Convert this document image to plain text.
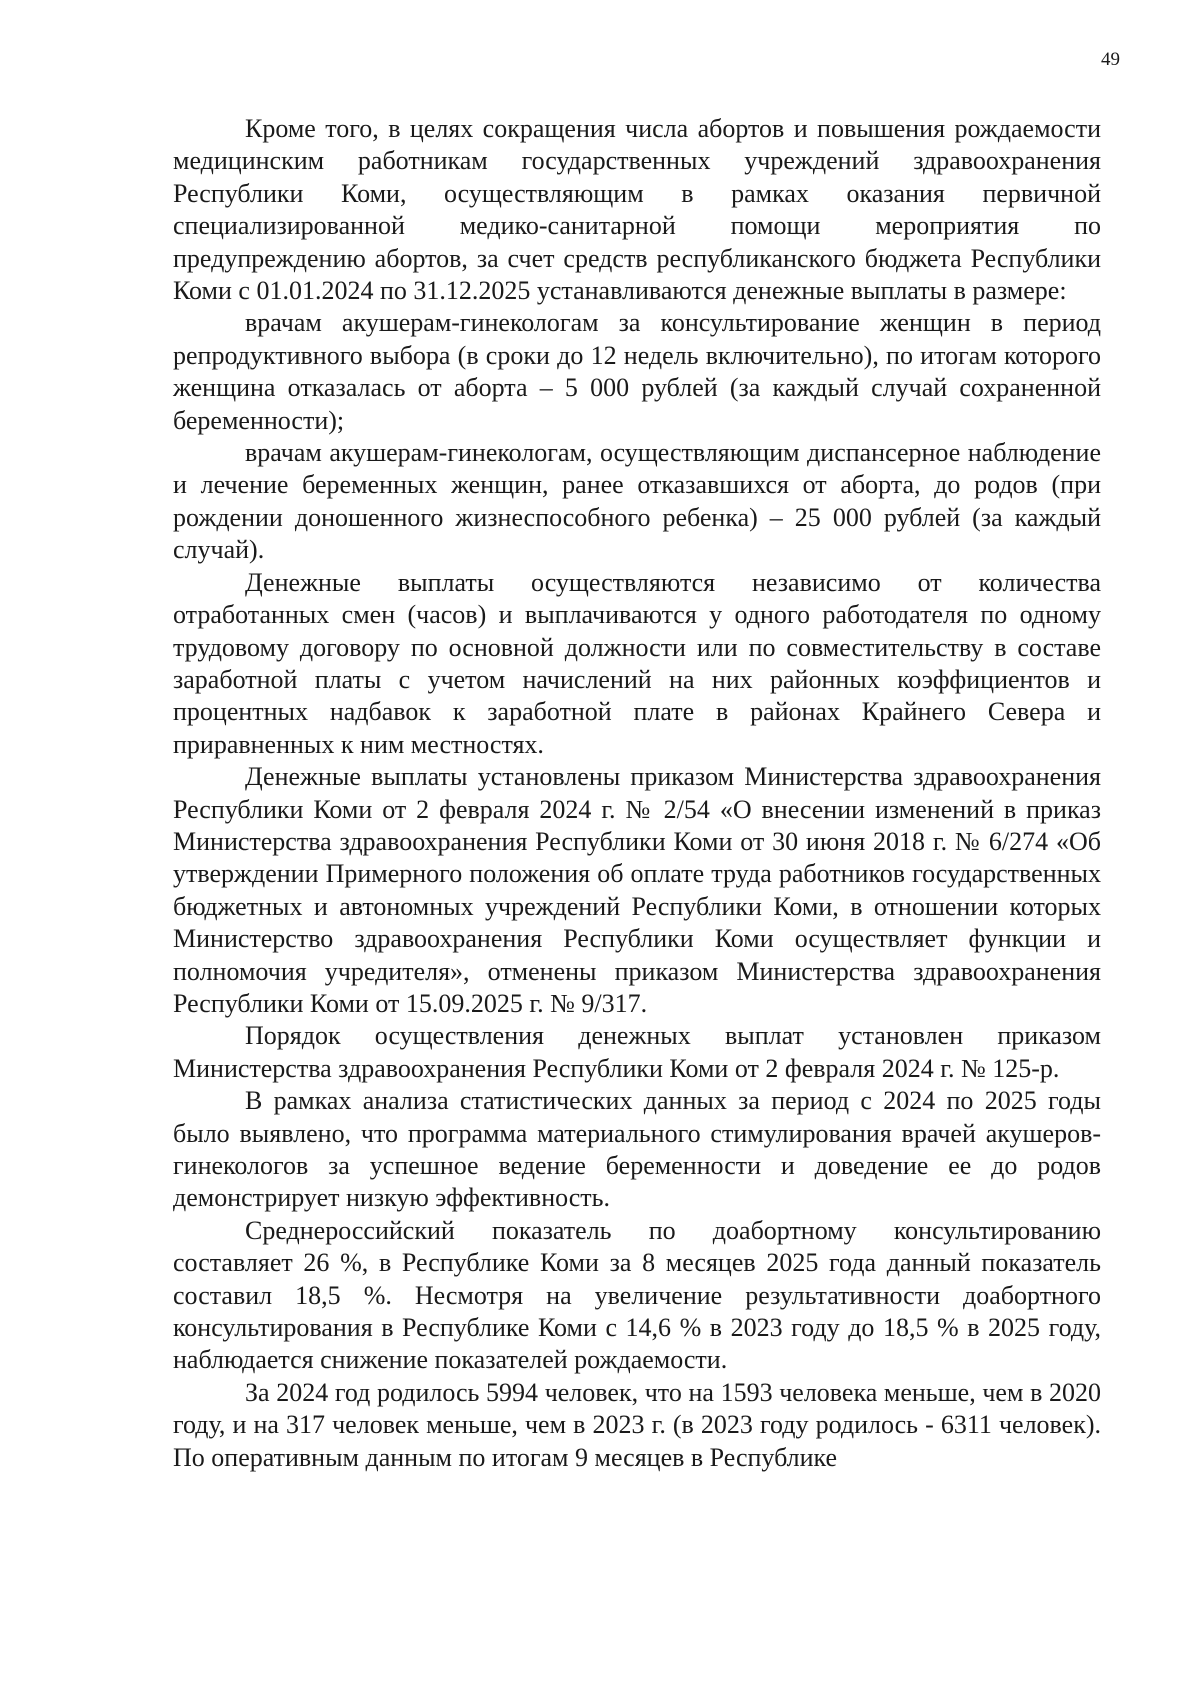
49

Кроме того, в целях сокращения числа абортов и повышения рождаемости медицинским работникам государственных учреждений здравоохранения Республики Коми, осуществляющим в рамках оказания первичной специализированной медико-санитарной помощи мероприятия по предупреждению абортов, за счет средств республиканского бюджета Республики Коми с 01.01.2024 по 31.12.2025 устанавливаются денежные выплаты в размере:

врачам акушерам-гинекологам за консультирование женщин в период репродуктивного выбора (в сроки до 12 недель включительно), по итогам которого женщина отказалась от аборта – 5 000 рублей (за каждый случай сохраненной беременности);

врачам акушерам-гинекологам, осуществляющим диспансерное наблюдение и лечение беременных женщин, ранее отказавшихся от аборта, до родов (при рождении доношенного жизнеспособного ребенка) – 25 000 рублей (за каждый случай).

Денежные выплаты осуществляются независимо от количества отработанных смен (часов) и выплачиваются у одного работодателя по одному трудовому договору по основной должности или по совместительству в составе заработной платы с учетом начислений на них районных коэффициентов и процентных надбавок к заработной плате в районах Крайнего Севера и приравненных к ним местностях.

Денежные выплаты установлены приказом Министерства здравоохранения Республики Коми от 2 февраля 2024 г. № 2/54 «О внесении изменений в приказ Министерства здравоохранения Республики Коми от 30 июня 2018 г. № 6/274 «Об утверждении Примерного положения об оплате труда работников государственных бюджетных и автономных учреждений Республики Коми, в отношении которых Министерство здравоохранения Республики Коми осуществляет функции и полномочия учредителя», отменены приказом Министерства здравоохранения Республики Коми от 15.09.2025 г. № 9/317.

Порядок осуществления денежных выплат установлен приказом Министерства здравоохранения Республики Коми от 2 февраля 2024 г. № 125-р.

В рамках анализа статистических данных за период с 2024 по 2025 годы было выявлено, что программа материального стимулирования врачей акушеров-гинекологов за успешное ведение беременности и доведение ее до родов демонстрирует низкую эффективность.

Среднероссийский показатель по доабортному консультированию составляет 26 %, в Республике Коми за 8 месяцев 2025 года данный показатель составил 18,5 %. Несмотря на увеличение результативности доабортного консультирования в Республике Коми с 14,6 % в 2023 году до 18,5 % в 2025 году, наблюдается снижение показателей рождаемости.

За 2024 год родилось 5994 человек, что на 1593 человека меньше, чем в 2020 году, и на 317 человек меньше, чем в 2023 г. (в 2023 году родилось - 6311 человек). По оперативным данным по итогам 9 месяцев в Республике
